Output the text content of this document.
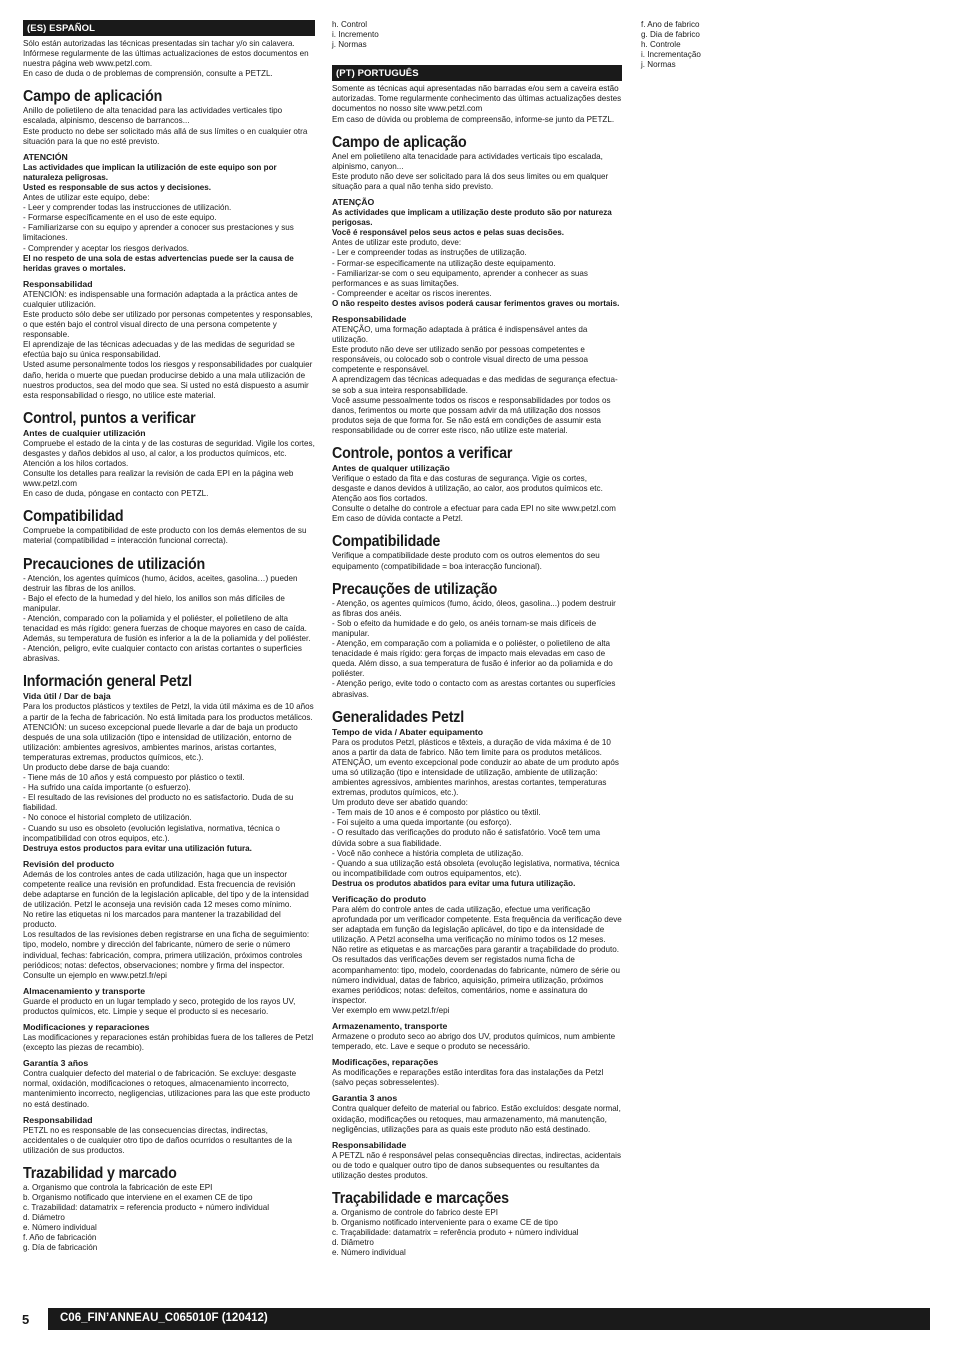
(ES) ESPAÑOL

Sólo están autorizadas las técnicas presentadas sin tachar y/o sin calavera.

Infórmese regularmente de las últimas actualizaciones de estos documentos en nuestra página web www.petzl.com.

En caso de duda o de problemas de comprensión, consulte a PETZL.

Campo de aplicación

Anillo de polietileno de alta tenacidad para las actividades verticales tipo escalada, alpinismo, descenso de barrancos...

Este producto no debe ser solicitado más allá de sus límites o en cualquier otra situación para la que no esté previsto.

ATENCIÓN

Las actividades que implican la utilización de este equipo son por naturaleza peligrosas.

Usted es responsable de sus actos y decisiones.

Antes de utilizar este equipo, debe:

- Leer y comprender todas las instrucciones de utilización.

- Formarse específicamente en el uso de este equipo.

- Familiarizarse con su equipo y aprender a conocer sus prestaciones y sus limitaciones.

- Comprender y aceptar los riesgos derivados.

El no respeto de una sola de estas advertencias puede ser la causa de heridas graves o mortales.

Responsabilidad

ATENCIÓN: es indispensable una formación adaptada a la práctica antes de cualquier utilización.

Este producto sólo debe ser utilizado por personas competentes y responsables, o que estén bajo el control visual directo de una persona competente y responsable.

El aprendizaje de las técnicas adecuadas y de las medidas de seguridad se efectúa bajo su única responsabilidad.

Usted asume personalmente todos los riesgos y responsabilidades por cualquier daño, herida o muerte que puedan producirse debido a una mala utilización de nuestros productos, sea del modo que sea. Si usted no está dispuesto a asumir esta responsabilidad o riesgo, no utilice este material.

Control, puntos a verificar
Antes de cualquier utilización

Compruebe el estado de la cinta y de las costuras de seguridad. Vigile los cortes, desgastes y daños debidos al uso, al calor, a los productos químicos, etc. Atención a los hilos cortados.

Consulte los detalles para realizar la revisión de cada EPI en la página web www.petzl.com

En caso de duda, póngase en contacto con PETZL.

Compatibilidad

Compruebe la compatibilidad de este producto con los demás elementos de su material (compatibilidad = interacción funcional correcta).

Precauciones de utilización

- Atención, los agentes químicos (humo, ácidos, aceites, gasolina…) pueden destruir las fibras de los anillos.

- Bajo el efecto de la humedad y del hielo, los anillos son más difíciles de manipular.

- Atención, comparado con la poliamida y el poliéster, el polietileno de alta tenacidad es más rígido: genera fuerzas de choque mayores en caso de caída. Además, su temperatura de fusión es inferior a la de la poliamida y del poliéster.

- Atención, peligro, evite cualquier contacto con aristas cortantes o superficies abrasivas.

Información general Petzl
Vida útil / Dar de baja

Para los productos plásticos y textiles de Petzl, la vida útil máxima es de 10 años a partir de la fecha de fabricación. No está limitada para los productos metálicos.

ATENCIÓN: un suceso excepcional puede llevarle a dar de baja un producto después de una sola utilización (tipo e intensidad de utilización, entorno de utilización: ambientes agresivos, ambientes marinos, aristas cortantes, temperaturas extremas, productos químicos, etc.).

Un producto debe darse de baja cuando:

- Tiene más de 10 años y está compuesto por plástico o textil.

- Ha sufrido una caída importante (o esfuerzo).

- El resultado de las revisiones del producto no es satisfactorio. Duda de su fiabilidad.

- No conoce el historial completo de utilización.

- Cuando su uso es obsoleto (evolución legislativa, normativa, técnica o incompatibilidad con otros equipos, etc.).

Destruya estos productos para evitar una utilización futura.

Revisión del producto

Además de los controles antes de cada utilización, haga que un inspector competente realice una revisión en profundidad. Esta frecuencia de revisión debe adaptarse en función de la legislación aplicable, del tipo y de la intensidad de utilización. Petzl le aconseja una revisión cada 12 meses como mínimo.

No retire las etiquetas ni los marcados para mantener la trazabilidad del producto.

Los resultados de las revisiones deben registrarse en una ficha de seguimiento: tipo, modelo, nombre y dirección del fabricante, número de serie o número individual, fechas: fabricación, compra, primera utilización, próximos controles periódicos; notas: defectos, observaciones; nombre y firma del inspector.

Consulte un ejemplo en www.petzl.fr/epi

Almacenamiento y transporte

Guarde el producto en un lugar templado y seco, protegido de los rayos UV, productos químicos, etc. Limpie y seque el producto si es necesario.

Modificaciones y reparaciones

Las modificaciones y reparaciones están prohibidas fuera de los talleres de Petzl (excepto las piezas de recambio).

Garantía 3 años

Contra cualquier defecto del material o de fabricación. Se excluye: desgaste normal, oxidación, modificaciones o retoques, almacenamiento incorrecto, mantenimiento incorrecto, negligencias, utilizaciones para las que este producto no está destinado.

Responsabilidad

PETZL no es responsable de las consecuencias directas, indirectas, accidentales o de cualquier otro tipo de daños ocurridos o resultantes de la utilización de sus productos.

Trazabilidad y marcado

a. Organismo que controla la fabricación de este EPI

b. Organismo notificado que interviene en el examen CE de tipo

c. Trazabilidad: datamatrix = referencia producto + número individual

d. Diámetro

e. Número individual

f. Año de fabricación

g. Día de fabricación

h. Control

i. Incremento

j. Normas

(PT) PORTUGUÊS

Somente as técnicas aqui apresentadas não barradas e/ou sem a caveira estão autorizadas. Tome regularmente conhecimento das últimas actualizações destes documentos no nosso site www.petzl.com

Em caso de dúvida ou problema de compreensão, informe-se junto da PETZL.

Campo de aplicação

Anel em polietileno alta tenacidade para actividades verticais tipo escalada, alpinismo, canyon...

Este produto não deve ser solicitado para lá dos seus limites ou em qualquer situação para a qual não tenha sido previsto.

ATENÇÃO

As actividades que implicam a utilização deste produto são por natureza perigosas.

Você é responsável pelos seus actos e pelas suas decisões.

Antes de utilizar este produto, deve:

- Ler e compreender todas as instruções de utilização.

- Formar-se especificamente na utilização deste equipamento.

- Familiarizar-se com o seu equipamento, aprender a conhecer as suas performances e as suas limitações.

- Compreender e aceitar os riscos inerentes.

O não respeito destes avisos poderá causar ferimentos graves ou mortais.

Responsabilidade

ATENÇÃO, uma formação adaptada à prática é indispensável antes da utilização.

Este produto não deve ser utilizado senão por pessoas competentes e responsáveis, ou colocado sob o controle visual directo de uma pessoa competente e responsável.

A aprendizagem das técnicas adequadas e das medidas de segurança efectua-se sob a sua inteira responsabilidade.

Você assume pessoalmente todos os riscos e responsabilidades por todos os danos, ferimentos ou morte que possam advir da má utilização dos nossos produtos seja de que forma for. Se não está em condições de assumir esta responsabilidade ou de correr este risco, não utilize este material.

Controle, pontos a verificar
Antes de qualquer utilização

Verifique o estado da fita e das costuras de segurança. Vigie os cortes, desgaste e danos devidos à utilização, ao calor, aos produtos químicos etc. Atenção aos fios cortados.

Consulte o detalhe do controle a efectuar para cada EPI no site www.petzl.com

Em caso de dúvida contacte a Petzl.

Compatibilidade

Verifique a compatibilidade deste produto com os outros elementos do seu equipamento (compatibilidade = boa interacção funcional).

Precauções de utilização

- Atenção, os agentes químicos (fumo, ácido, óleos, gasolina...) podem destruir as fibras dos anéis.

- Sob o efeito da humidade e do gelo, os anéis tornam-se mais difíceis de manipular.

- Atenção, em comparação com a poliamida e o poliéster, o polietileno de alta tenacidade é mais rígido: gera forças de impacto mais elevadas em caso de queda. Além disso, a sua temperatura de fusão é inferior ao da poliamida e do poliéster.

- Atenção perigo, evite todo o contacto com as arestas cortantes ou superfícies abrasivas.

Generalidades Petzl
Tempo de vida / Abater equipamento

Para os produtos Petzl, plásticos e têxteis, a duração de vida máxima é de 10 anos a partir da data de fabrico. Não tem limite para os produtos metálicos.

ATENÇÃO, um evento excepcional pode conduzir ao abate de um produto após uma só utilização (tipo e intensidade de utilização, ambiente de utilização: ambientes agressivos, ambientes marinhos, arestas cortantes, temperaturas extremas, produtos químicos, etc.).

Um produto deve ser abatido quando:

- Tem mais de 10 anos e é composto por plástico ou têxtil.

- Foi sujeito a uma queda importante (ou esforço).

- O resultado das verificações do produto não é satisfatório. Você tem uma dúvida sobre a sua fiabilidade.

- Você não conhece a história completa de utilização.

- Quando a sua utilização está obsoleta (evolução legislativa, normativa, técnica ou incompatibilidade com outros equipamentos, etc).

Destrua os produtos abatidos para evitar uma futura utilização.

Verificação do produto

Para além do controle antes de cada utilização, efectue uma verificação aprofundada por um verificador competente. Esta frequência da verificação deve ser adaptada em função da legislação aplicável, do tipo e da intensidade de utilização. A Petzl aconselha uma verificação no mínimo todos os 12 meses.

Não retire as etiquetas e as marcações para garantir a traçabilidade do produto.

Os resultados das verificações devem ser registados numa ficha de acompanhamento: tipo, modelo, coordenadas do fabricante, número de série ou número individual, datas de fabrico, aquisição, primeira utilização, próximos exames periódicos; notas: defeitos, comentários, nome e assinatura do inspector.

Ver exemplo em www.petzl.fr/epi

Armazenamento, transporte

Armazene o produto seco ao abrigo dos UV, produtos químicos, num ambiente temperado, etc. Lave e seque o produto se necessário.

Modificações, reparações

As modificações e reparações estão interditas fora das instalações da Petzl (salvo peças sobresselentes).

Garantia 3 anos

Contra qualquer defeito de material ou fabrico. Estão excluídos: desgate normal, oxidação, modificações ou retoques, mau armazenamento, má manutenção, negligências, utilizações para as quais este produto não está destinado.

Responsabilidade

A PETZL não é responsável pelas consequências directas, indirectas, acidentais ou de todo e qualquer outro tipo de danos subsequentes ou resultantes da utilização destes produtos.

Traçabilidade e marcações

a. Organismo de controle do fabrico deste EPI

b. Organismo notificado interveniente para o exame CE de tipo

c. Traçabilidade: datamatrix = referência produto + número individual

d. Diâmetro

e. Número individual

f. Ano de fabrico

g. Dia de fabrico

h. Controle

i. Incrementação

j. Normas

5	C06_FIN’ANNEAU_C065010F (120412)
